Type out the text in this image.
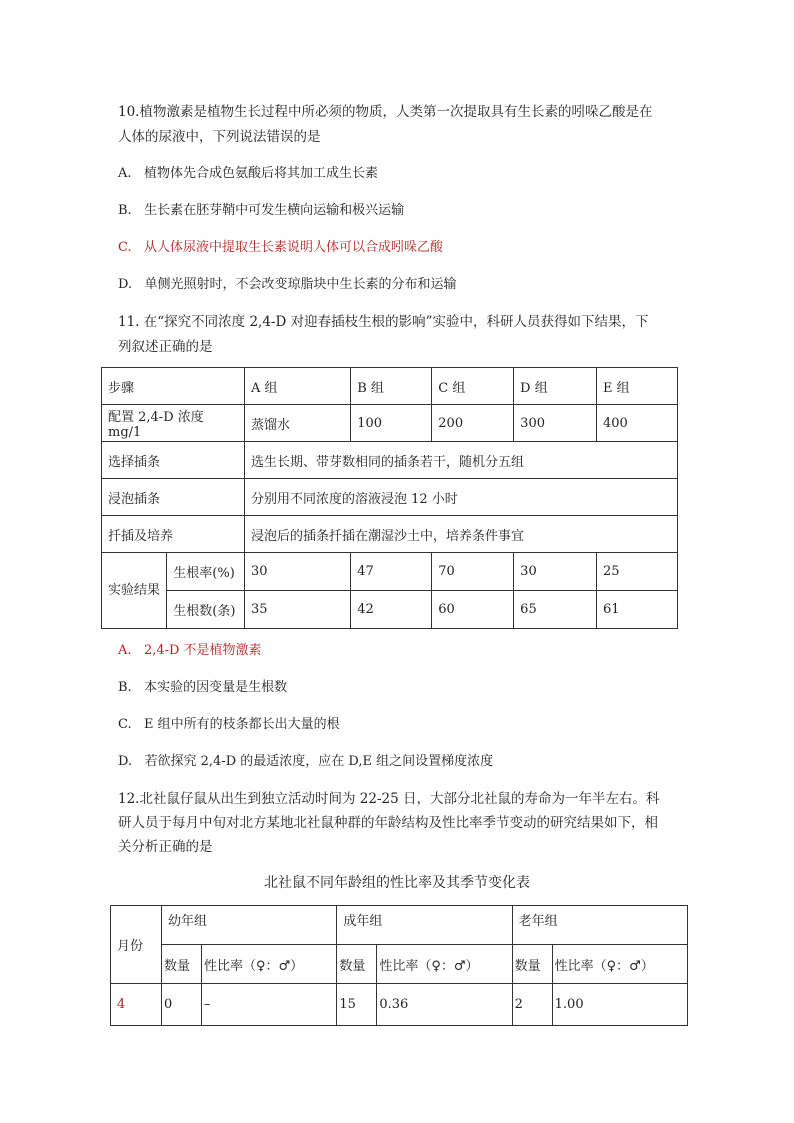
10.植物激素是植物生长过程中所必须的物质，人类第一次提取具有生长素的吲哚乙酸是在
人体的尿液中，下列说法错误的是
A. 植物体先合成色氨酸后将其加工成生长素
B. 生长素在胚芽鞘中可发生横向运输和极兴运输
C. 从人体尿液中提取生长素说明人体可以合成吲哚乙酸
D. 单侧光照射时，不会改变琼脂块中生长素的分布和运输
11. 在“探究不同浓度 2,4-D 对迎春插枝生根的影响”实验中，科研人员获得如下结果，下
列叙述正确的是
步骤		A 组	B 组	C 组	D 组	E 组
配置 2,4-D 浓度 mg/1		蒸馏水	100	200	300	400
选择插条		选生长期、带芽数相同的插条若干，随机分五组				
浸泡插条		分别用不同浓度的溶液浸泡 12 小时				
扦插及培养		浸泡后的插条扦插在潮湿沙土中，培养条件事宜				
实验结果	生根率(%)	30	47	70	30	25
	生根数(条)	35	42	60	65	61
A. 2,4-D 不是植物激素
B. 本实验的因变量是生根数
C. E 组中所有的枝条都长出大量的根
D. 若欲探究 2,4-D 的最适浓度，应在 D,E 组之间设置梯度浓度
12.北社鼠仔鼠从出生到独立活动时间为 22-25 日，大部分北社鼠的寿命为一年半左右。科
研人员于每月中旬对北方某地北社鼠种群的年龄结构及性比率季节变动的研究结果如下，相
关分析正确的是
北社鼠不同年龄组的性比率及其季节变化表
月份	幼年组		成年组		老年组	
	数量	性比率（♀：♂）	数量	性比率（♀：♂）	数量	性比率（♀：♂）
4	0	–	15	0.36	2	1.00
